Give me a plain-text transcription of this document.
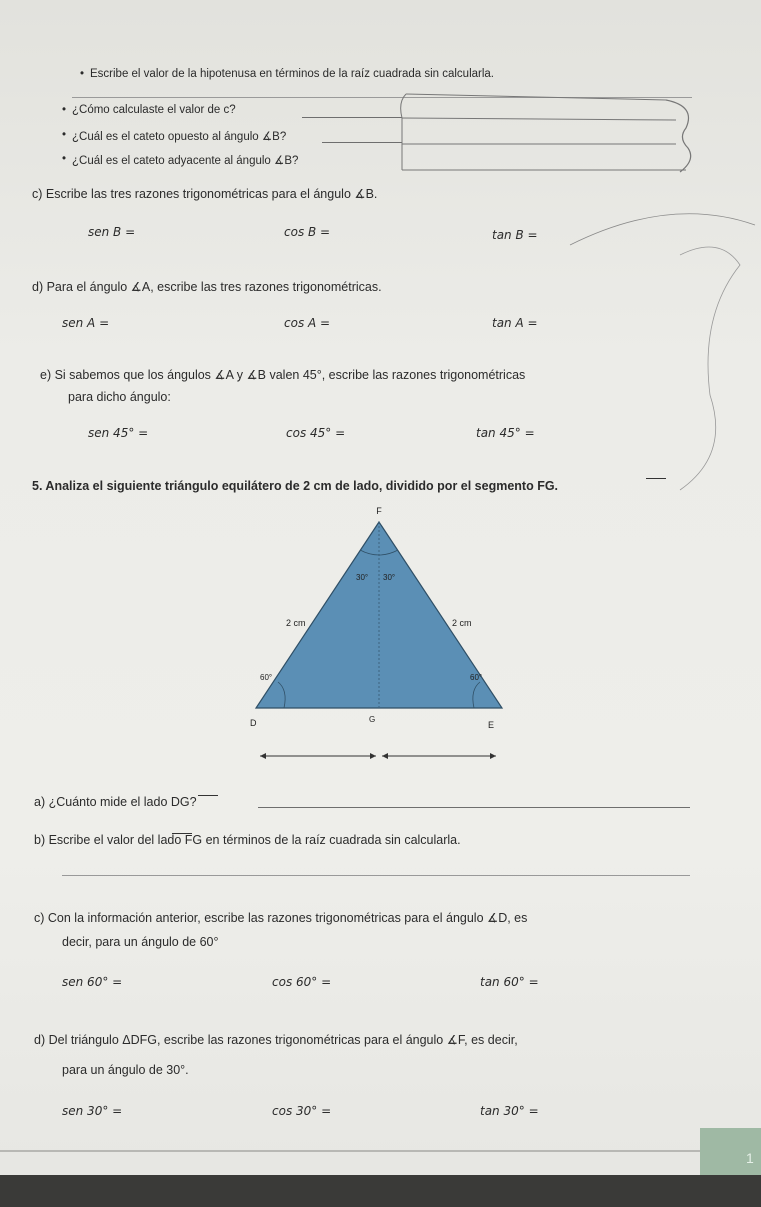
• Escribe el valor de la hipotenusa en términos de la raíz cuadrada sin calcularla.
• ¿Cómo calculaste el valor de c?
• ¿Cuál es el cateto opuesto al ángulo ∡B?
• ¿Cuál es el cateto adyacente al ángulo ∡B?
c) Escribe las tres razones trigonométricas para el ángulo ∡B.
sen B =	cos B =	tan B =
d) Para el ángulo ∡A, escribe las tres razones trigonométricas.
sen A =	cos A =	tan A =
e) Si sabemos que los ángulos ∡A y ∡B valen 45°, escribe las razones trigonométricas
para dicho ángulo:
sen 45° =	cos 45° =	tan 45° =
5. Analiza el siguiente triángulo equilátero de 2 cm de lado, dividido por el segmento FG.
F
D	E
G
30° 30°
60°	60°
2 cm	2 cm
a) ¿Cuánto mide el lado DG?
b) Escribe el valor del lado FG en términos de la raíz cuadrada sin calcularla.
c) Con la información anterior, escribe las razones trigonométricas para el ángulo ∡D, es
decir, para un ángulo de 60°
sen 60° =	cos 60° =	tan 60° =
d) Del triángulo ΔDFG, escribe las razones trigonométricas para el ángulo ∡F, es decir,
para un ángulo de 30°.
sen 30° =	cos 30° =	tan 30° =
1
